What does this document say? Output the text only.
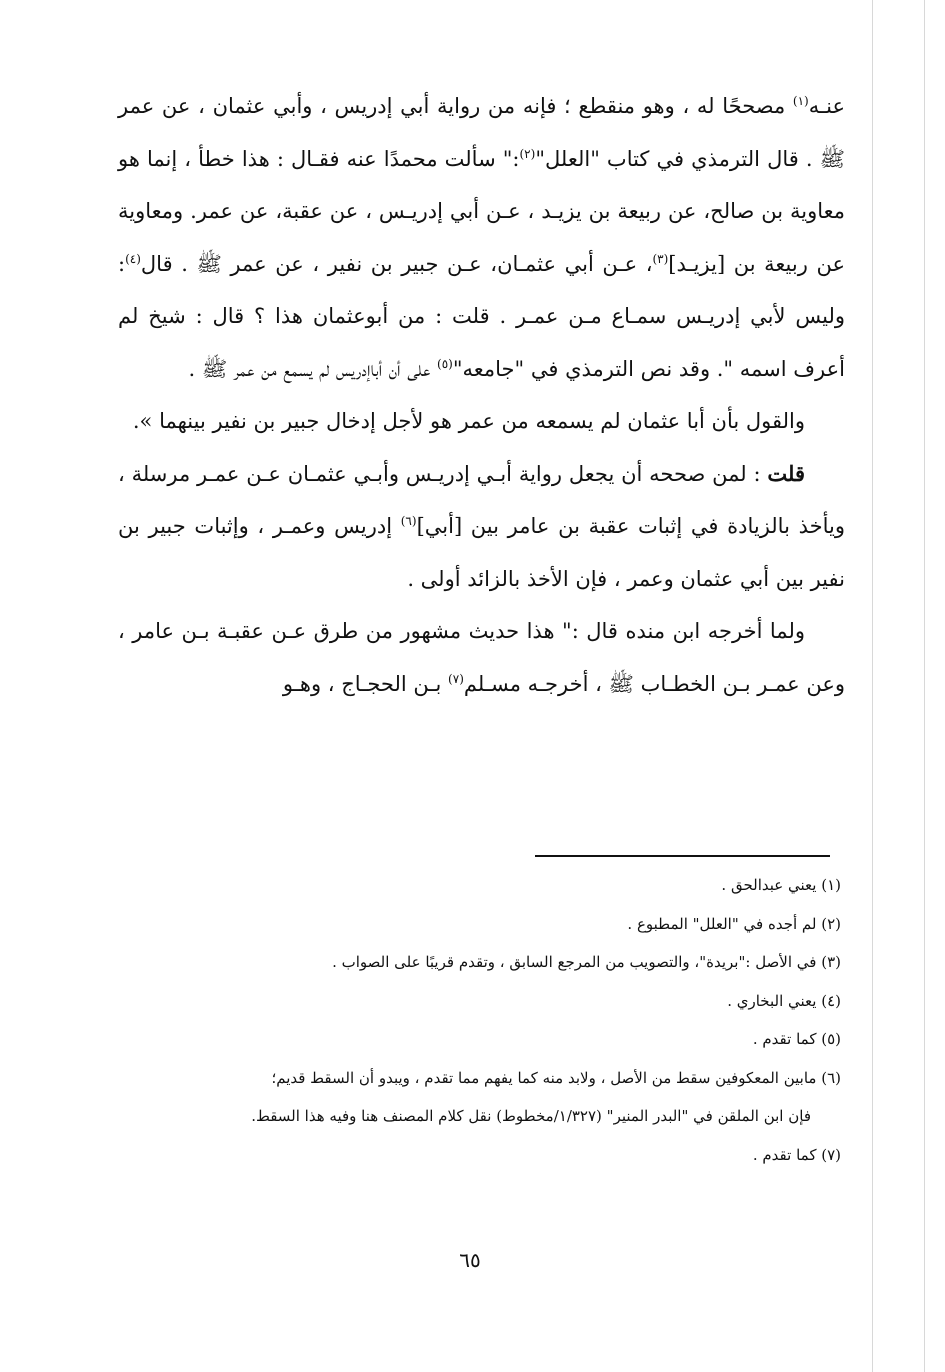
عنـه$^{(١)}$ مصححًا له ، وهو منقطع ؛ فإنه من رواية أبي إدريس ، وأبي عثمان ، عن عمر ﷺ . قال الترمذي في كتاب "العلل"$^{(٢)}$:" سألت محمدًا عنه فقـال : هذا خطأ ، إنما هو معاوية بن صالح، عن ربيعة بن يزيـد ، عـن أبي إدريـس ، عن عقبة، عن عمر. ومعاوية عن ربيعة بن [يزيـد]$^{(٣)}$، عـن أبي عثمـان، عـن جبير بن نفير ، عن عمر ﷺ . قال$^{(٤)}$: وليس لأبي إدريـس سمـاع مـن عمـر . قلت : من أبوعثمان هذا ؟ قال : شيخ لم أعرف اسمه ". وقد نص الترمذي في "جامعه"$^{(٥)}$ على أن أباإدريس لم يسمع من عمر ﷺ .

والقول بأن أبا عثمان لم يسمعه من عمر هو لأجل إدخال جبير بن نفير بينهما ».

قلت : لمن صححه أن يجعل رواية أبـي إدريـس وأبـي عثمـان عـن عمـر مرسلة ، ويأخذ بالزيادة في إثبات عقبة بن عامر بين [أبي]$^{(٦)}$ إدريس وعمـر ، وإثبات جبير بن نفير بين أبي عثمان وعمر ، فإن الأخذ بالزائد أولى .

ولما أخرجه ابن منده قال :" هذا حديث مشهور من طرق عـن عقبـة بـن عامر ، وعن عمـر بـن الخطـاب ﷺ ، أخرجـه مسـلم$^{(٧)}$ بـن الحجـاج ، وهـو

(١) يعني عبدالحق .

(٢) لم أجده في "العلل" المطبوع .

(٣) في الأصل :"بريدة"، والتصويب من المرجع السابق ، وتقدم قريبًا على الصواب .

(٤) يعني البخاري .

(٥) كما تقدم .

(٦) مابين المعكوفين سقط من الأصل ، ولابد منه كما يفهم مما تقدم ، ويبدو أن السقط قديم؛

فإن ابن الملقن في "البدر المنير" (١/٣٢٧/مخطوط) نقل كلام المصنف هنا وفيه هذا السقط.

(٧) كما تقدم .

٦٥
